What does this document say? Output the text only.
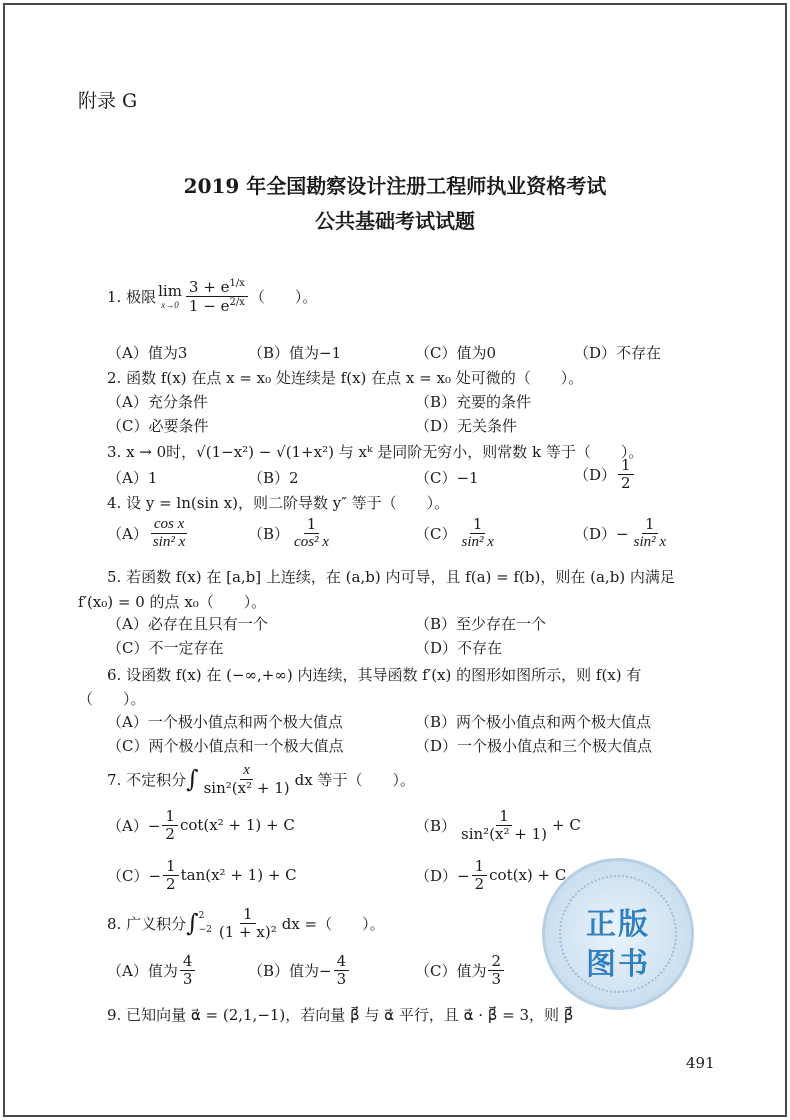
附录 G
2019 年全国勘察设计注册工程师执业资格考试
公共基础考试试题
1. 极限 lim
$x\to 0 \frac{3 + e^{1/x}}{1 - e^{2/x}}$ （　　）。
（A）值为3	（B）值为−1	（C）值为0	（D）不存在
2. 函数 f(x) 在点 x = x₀ 处连续是 f(x) 在点 x = x₀ 处可微的（　　）。
（A）充分条件	（B）充要的条件
（C）必要条件	（D）无关条件
3. x → 0时，√(1−x²) − √(1+x²) 与 xᵏ 是同阶无穷小，则常数 k 等于（　　）。
（A）1	（B）2	（C）−1	$(D) \frac{1}{2}$
4. 设 y = ln(sin x)，则二阶导数 y″ 等于（　　）。
$(A) \frac{\text{cos x}}{\text{sin² x}}$	$(B) \frac{1}{\text{cos² x}}$	$(C) \frac{1}{\text{sin² x}}$	$(D)- \frac{1}{\text{sin² x}}$
5. 若函数 f(x) 在 [a,b] 上连续，在 (a,b) 内可导，且 f(a) = f(b)，则在 (a,b) 内满足
f′(x₀) = 0 的点 x₀（　　）。
（A）必存在且只有一个	（B）至少存在一个
（C）不一定存在	（D）不存在
6. 设函数 f(x) 在 (−∞,+∞) 内连续，其导函数 f′(x) 的图形如图所示，则 f(x) 有
（　　）。
（A）一个极小值点和两个极大值点	（B）两个极小值点和两个极大值点
（C）两个极小值点和一个极大值点	（D）一个极小值点和三个极大值点
7. 不定积分 ∫ $\frac{x}{\text{sin²(x² + 1)}}$ dx 等于（　　）。
$(A)- \frac{1}{2} \cot(x^2 + 1) + C$	$(B) \frac{1}{\text{sin²(x² + 1)}} + C$
$(C)- \frac{1}{2} \tan(x^2 + 1) + C$	$(D)- \frac{1}{2} \cot(x) + C$
8. 广义积分 ∫ 2
$-2 \frac{1}{\text{(1 + x)²}}$ dx =（　　）。
（A）值为 $\frac{4}{3}$	（B）值为− $\frac{4}{3}$	（C）值为 $\frac{2}{3}$
9. 已知向量 α⃗ = (2,1,−1)，若向量 β⃗ 与 α⃗ 平行，且 α⃗ · β⃗ = 3，则 β⃗
正版
图书
491
